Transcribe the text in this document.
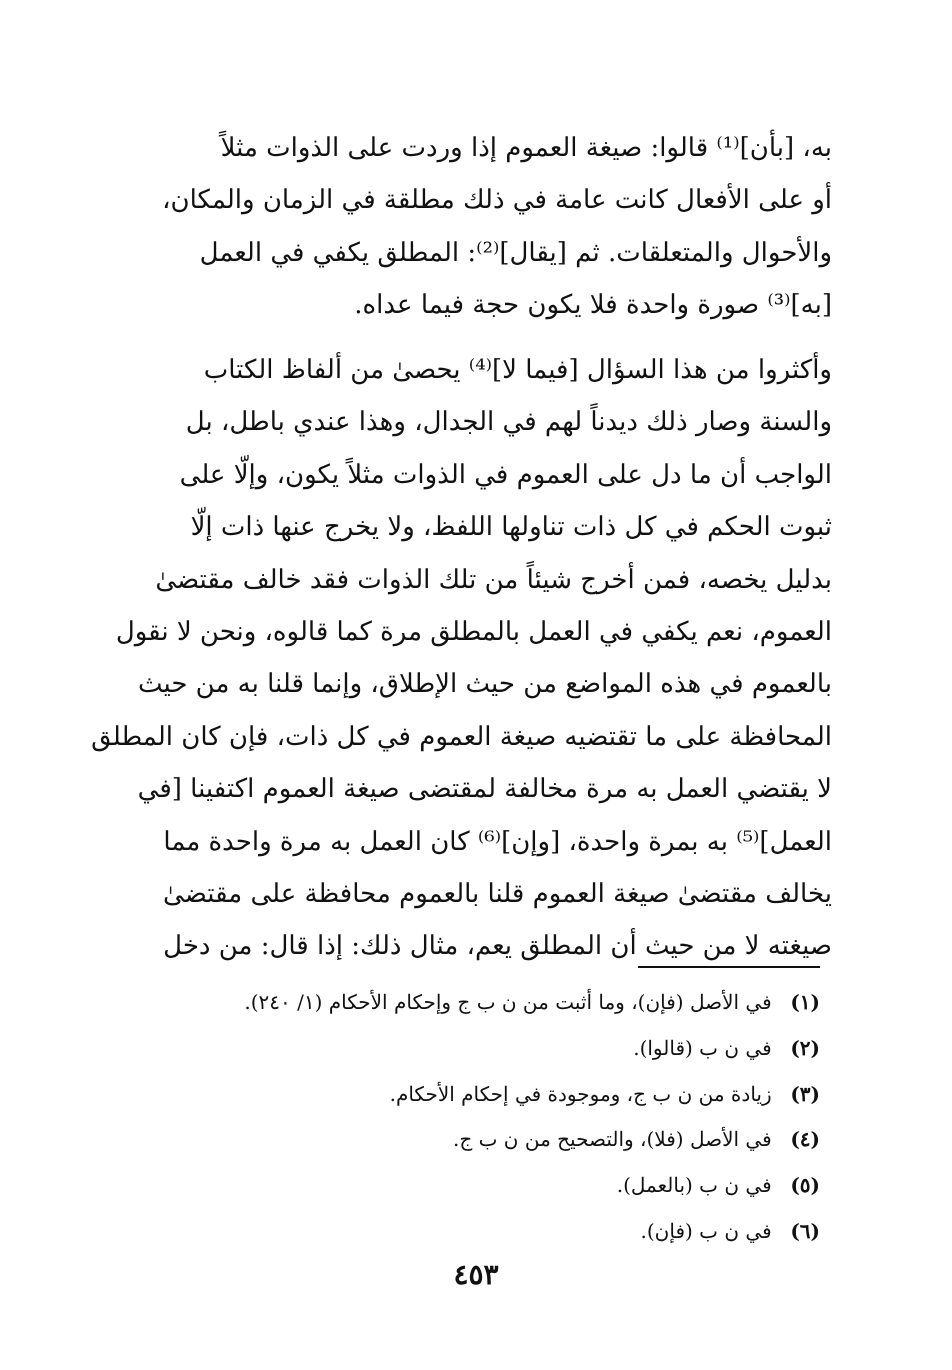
به، [بأن]⁽¹⁾ قالوا: صيغة العموم إذا وردت على الذوات مثلاً
أو على الأفعال كانت عامة في ذلك مطلقة في الزمان والمكان،
والأحوال والمتعلقات. ثم [يقال]⁽²⁾: المطلق يكفي في العمل
[به]⁽³⁾ صورة واحدة فلا يكون حجة فيما عداه.
وأكثروا من هذا السؤال [فيما لا]⁽⁴⁾ يحصىٰ من ألفاظ الكتاب
والسنة وصار ذلك ديدناً لهم في الجدال، وهذا عندي باطل، بل
الواجب أن ما دل على العموم في الذوات مثلاً يكون، وإلّا على
ثبوت الحكم في كل ذات تناولها اللفظ، ولا يخرج عنها ذات إلّا
بدليل يخصه، فمن أخرج شيئاً من تلك الذوات فقد خالف مقتضىٰ
العموم، نعم يكفي في العمل بالمطلق مرة كما قالوه، ونحن لا نقول
بالعموم في هذه المواضع من حيث الإطلاق، وإنما قلنا به من حيث
المحافظة على ما تقتضيه صيغة العموم في كل ذات، فإن كان المطلق
لا يقتضي العمل به مرة مخالفة لمقتضى صيغة العموم اكتفينا [في
العمل]⁽⁵⁾ به بمرة واحدة، [وإن]⁽⁶⁾ كان العمل به مرة واحدة مما
يخالف مقتضىٰ صيغة العموم قلنا بالعموم محافظة على مقتضىٰ
صيغته لا من حيث أن المطلق يعم، مثال ذلك: إذا قال: من دخل
(١) في الأصل (فإن)، وما أثبت من ن ب ج وإحكام الأحكام (١/ ٢٤٠).
(٢) في ن ب (قالوا).
(٣) زيادة من ن ب ج، وموجودة في إحكام الأحكام.
(٤) في الأصل (فلا)، والتصحيح من ن ب ج.
(٥) في ن ب (بالعمل).
(٦) في ن ب (فإن).
٤٥٣
